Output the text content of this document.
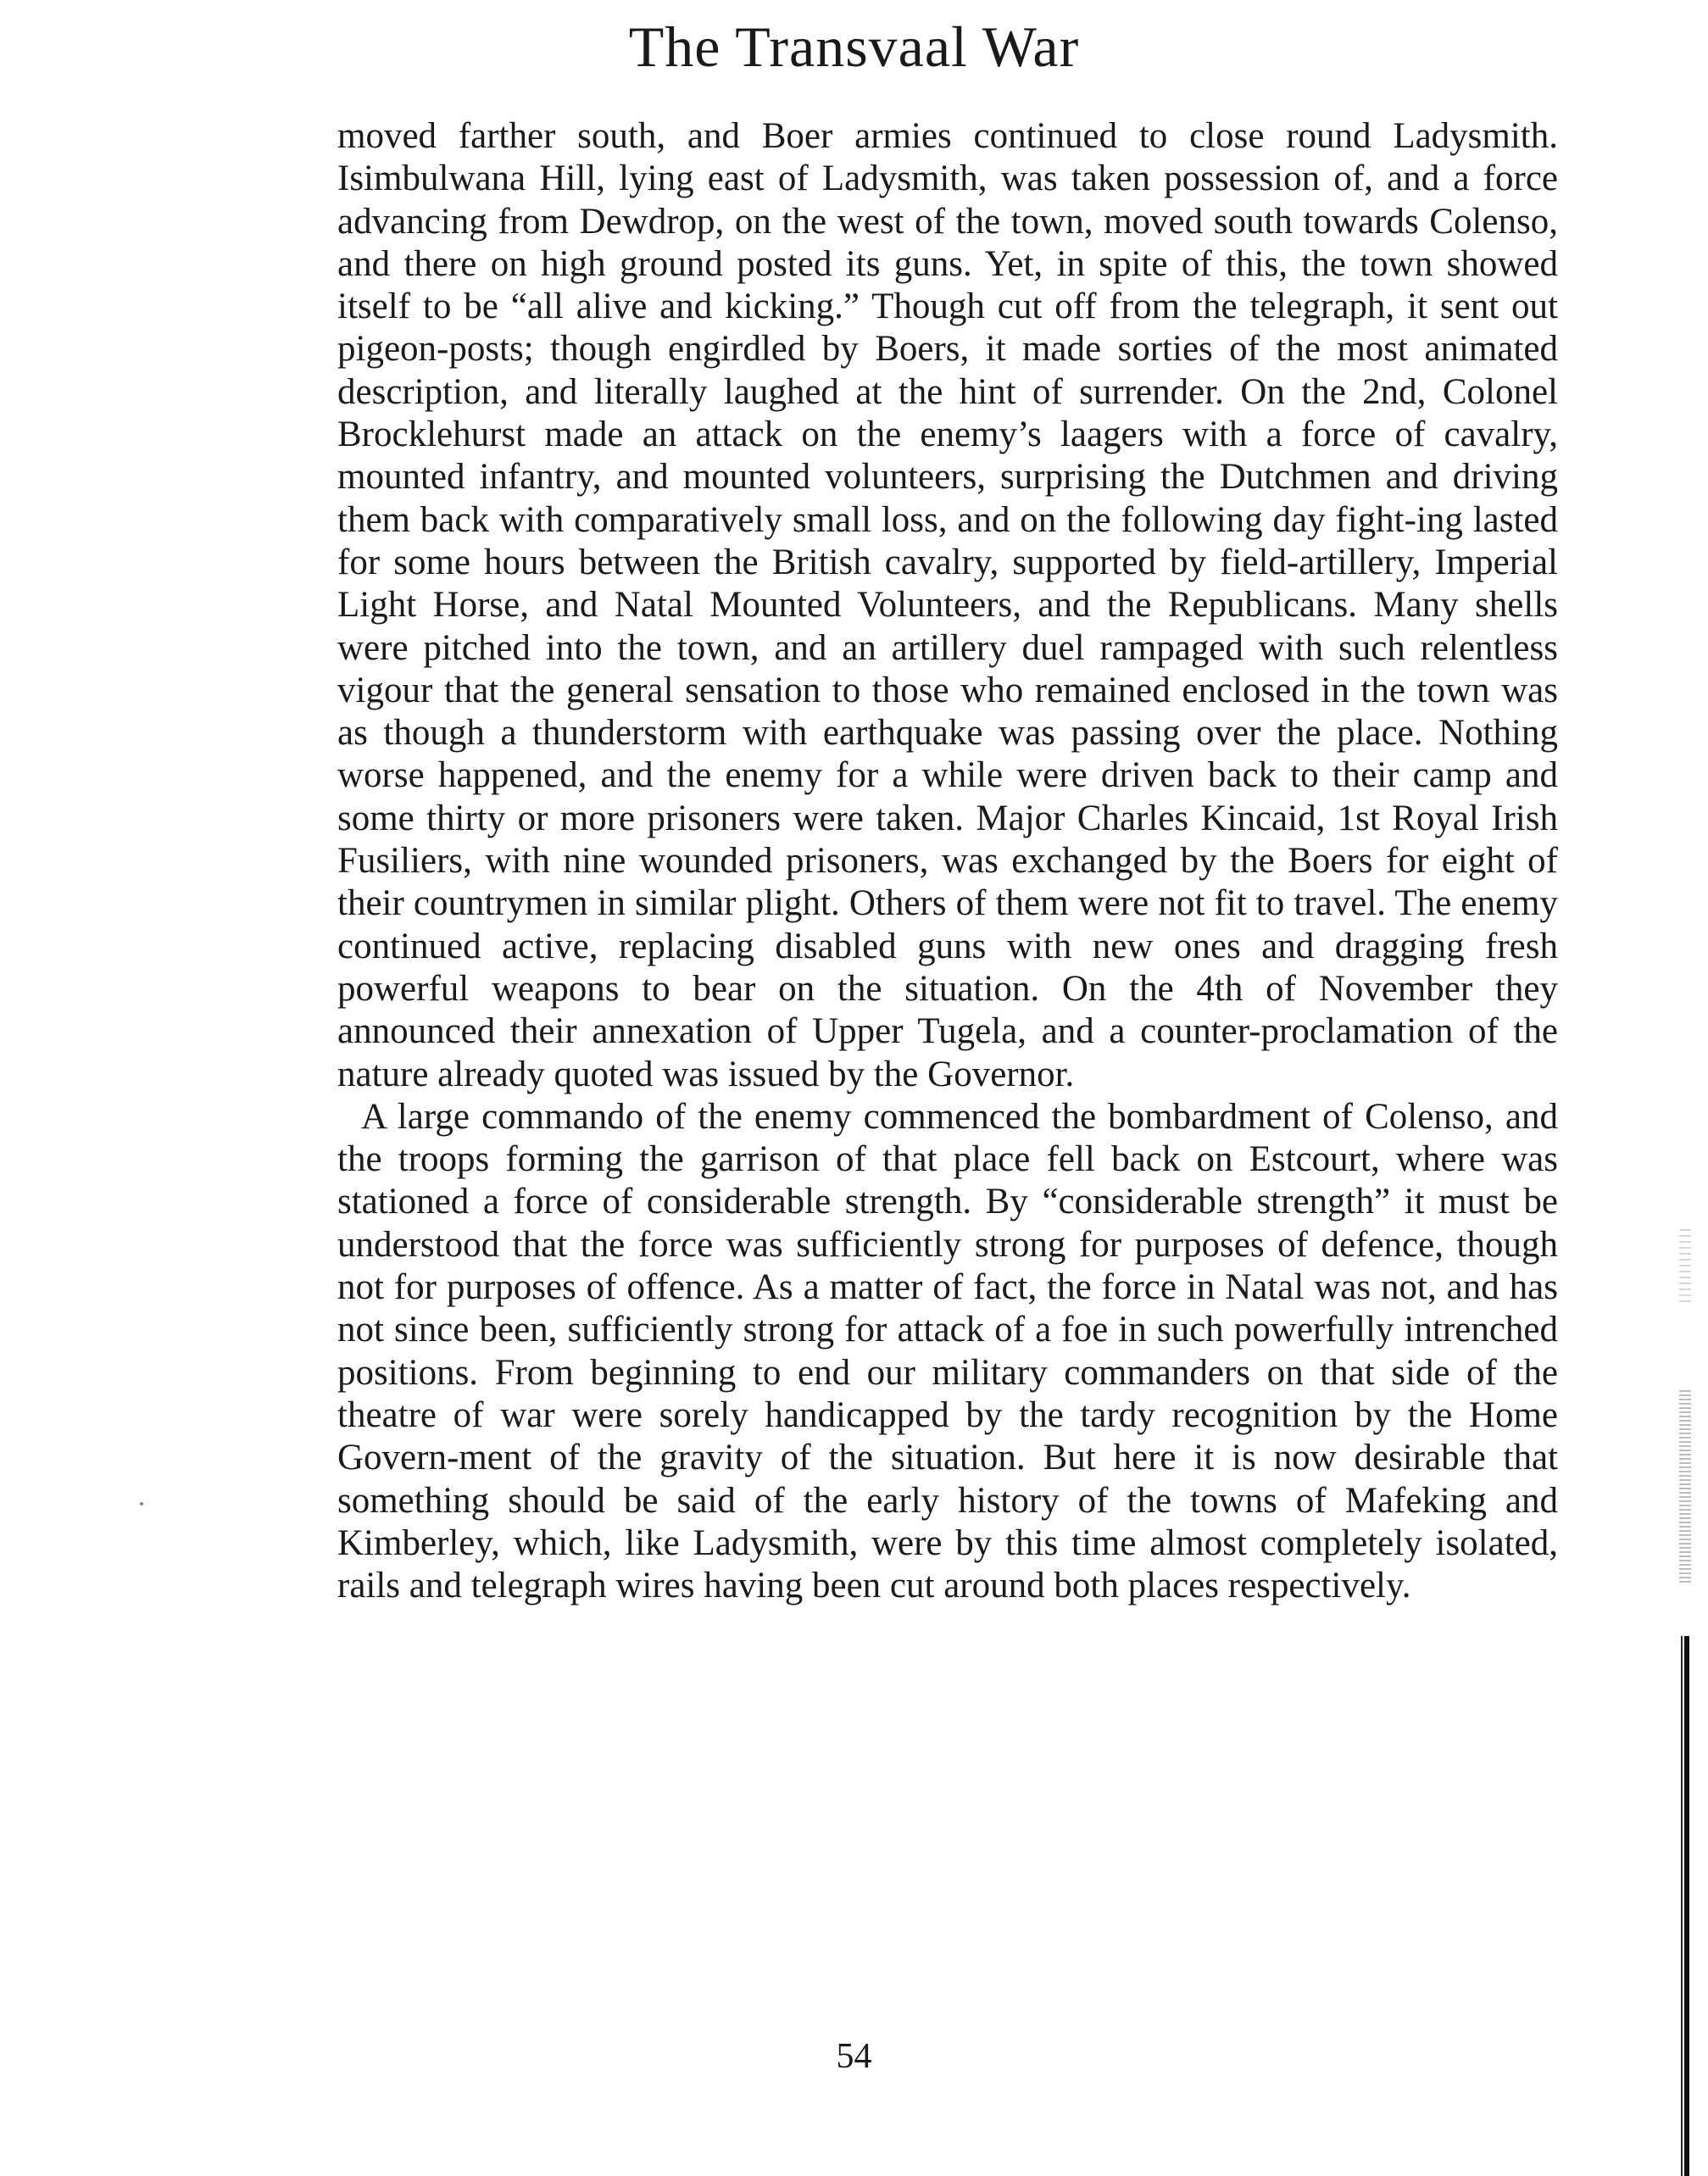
The Transvaal War

moved farther south, and Boer armies continued to close round Ladysmith. Isimbulwana Hill, lying east of Ladysmith, was taken possession of, and a force advancing from Dewdrop, on the west of the town, moved south towards Colenso, and there on high ground posted its guns. Yet, in spite of this, the town showed itself to be “all alive and kicking.” Though cut off from the telegraph, it sent out pigeon-posts; though engirdled by Boers, it made sorties of the most animated description, and literally laughed at the hint of surrender. On the 2nd, Colonel Brocklehurst made an attack on the enemy’s laagers with a force of cavalry, mounted infantry, and mounted volunteers, surprising the Dutchmen and driving them back with comparatively small loss, and on the following day fight-ing lasted for some hours between the British cavalry, supported by field-artillery, Imperial Light Horse, and Natal Mounted Volunteers, and the Republicans. Many shells were pitched into the town, and an artillery duel rampaged with such relentless vigour that the general sensation to those who remained enclosed in the town was as though a thunderstorm with earthquake was passing over the place. Nothing worse happened, and the enemy for a while were driven back to their camp and some thirty or more prisoners were taken. Major Charles Kincaid, 1st Royal Irish Fusiliers, with nine wounded prisoners, was exchanged by the Boers for eight of their countrymen in similar plight. Others of them were not fit to travel. The enemy continued active, replacing disabled guns with new ones and dragging fresh powerful weapons to bear on the situation. On the 4th of November they announced their annexation of Upper Tugela, and a counter-proclamation of the nature already quoted was issued by the Governor.

A large commando of the enemy commenced the bombardment of Colenso, and the troops forming the garrison of that place fell back on Estcourt, where was stationed a force of considerable strength. By “considerable strength” it must be understood that the force was sufficiently strong for purposes of defence, though not for purposes of offence. As a matter of fact, the force in Natal was not, and has not since been, sufficiently strong for attack of a foe in such powerfully intrenched positions. From beginning to end our military commanders on that side of the theatre of war were sorely handicapped by the tardy recognition by the Home Govern-ment of the gravity of the situation. But here it is now desirable that something should be said of the early history of the towns of Mafeking and Kimberley, which, like Ladysmith, were by this time almost completely isolated, rails and telegraph wires having been cut around both places respectively.

54
